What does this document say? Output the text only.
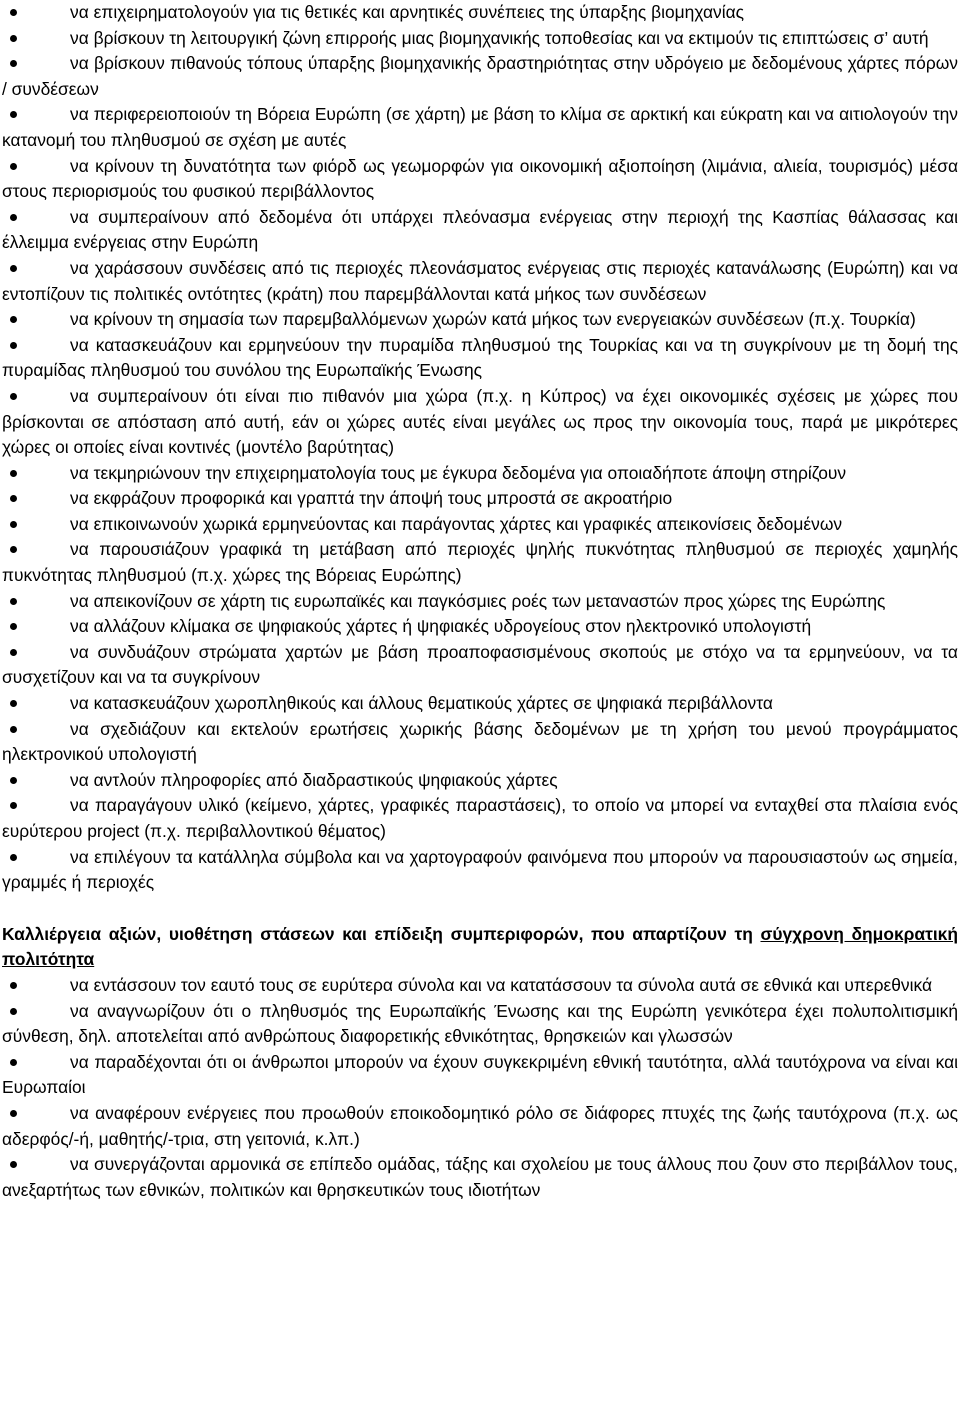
να επιχειρηματολογούν για τις θετικές και αρνητικές συνέπειες της ύπαρξης βιομηχανίας
να βρίσκουν τη λειτουργική ζώνη επιρροής μιας βιομηχανικής τοποθεσίας και να εκτιμούν τις επιπτώσεις σ’ αυτή
να βρίσκουν πιθανούς τόπους ύπαρξης βιομηχανικής δραστηριότητας στην υδρόγειο με δεδομένους χάρτες πόρων / συνδέσεων
να περιφερειοποιούν τη Βόρεια Ευρώπη (σε χάρτη) με βάση το κλίμα σε αρκτική και εύκρατη και να αιτιολογούν την κατανομή του πληθυσμού σε σχέση με αυτές
να κρίνουν τη δυνατότητα των φιόρδ ως γεωμορφών για οικονομική αξιοποίηση (λιμάνια, αλιεία, τουρισμός) μέσα στους περιορισμούς του φυσικού περιβάλλοντος
να συμπεραίνουν από δεδομένα ότι υπάρχει πλεόνασμα ενέργειας στην περιοχή της Κασπίας θάλασσας και έλλειμμα ενέργειας στην Ευρώπη
να χαράσσουν συνδέσεις από τις περιοχές πλεονάσματος ενέργειας στις περιοχές κατανάλωσης (Ευρώπη) και να εντοπίζουν τις πολιτικές οντότητες (κράτη) που παρεμβάλλονται κατά μήκος των συνδέσεων
να κρίνουν τη σημασία των παρεμβαλλόμενων χωρών κατά μήκος των ενεργειακών συνδέσεων (π.χ. Τουρκία)
να κατασκευάζουν και ερμηνεύουν την πυραμίδα πληθυσμού της Τουρκίας και να τη συγκρίνουν με τη δομή της πυραμίδας πληθυσμού του συνόλου της Ευρωπαϊκής Ένωσης
να συμπεραίνουν ότι είναι πιο πιθανόν μια χώρα (π.χ. η Κύπρος) να έχει οικονομικές σχέσεις με χώρες που βρίσκονται σε απόσταση από αυτή, εάν οι χώρες αυτές είναι μεγάλες ως προς την οικονομία τους, παρά με μικρότερες χώρες οι οποίες είναι κοντινές (μοντέλο βαρύτητας)
να τεκμηριώνουν την επιχειρηματολογία τους με έγκυρα δεδομένα για οποιαδήποτε άποψη στηρίζουν
να εκφράζουν προφορικά και γραπτά την άποψή τους μπροστά σε ακροατήριο
να επικοινωνούν χωρικά ερμηνεύοντας και παράγοντας χάρτες και γραφικές απεικονίσεις δεδομένων
να παρουσιάζουν γραφικά τη μετάβαση από περιοχές ψηλής πυκνότητας πληθυσμού σε περιοχές χαμηλής πυκνότητας πληθυσμού (π.χ. χώρες της Βόρειας Ευρώπης)
να απεικονίζουν σε χάρτη τις ευρωπαϊκές και παγκόσμιες ροές των μεταναστών προς χώρες της Ευρώπης
να αλλάζουν κλίμακα σε ψηφιακούς χάρτες ή ψηφιακές υδρογείους στον ηλεκτρονικό υπολογιστή
να συνδυάζουν στρώματα χαρτών με βάση προαποφασισμένους σκοπούς με στόχο να τα ερμηνεύουν, να τα συσχετίζουν και να τα συγκρίνουν
να κατασκευάζουν χωροπληθικούς και άλλους θεματικούς χάρτες σε ψηφιακά περιβάλλοντα
να σχεδιάζουν και εκτελούν ερωτήσεις χωρικής βάσης δεδομένων με τη χρήση του μενού προγράμματος ηλεκτρονικού υπολογιστή
να αντλούν πληροφορίες από διαδραστικούς ψηφιακούς χάρτες
να παραγάγουν υλικό (κείμενο, χάρτες, γραφικές παραστάσεις), το οποίο να μπορεί να ενταχθεί στα πλαίσια ενός ευρύτερου project (π.χ. περιβαλλοντικού θέματος)
να επιλέγουν τα κατάλληλα σύμβολα και να χαρτογραφούν φαινόμενα που μπορούν να παρουσιαστούν ως σημεία, γραμμές ή περιοχές
Καλλιέργεια αξιών, υιοθέτηση στάσεων και επίδειξη συμπεριφορών, που απαρτίζουν τη σύγχρονη δημοκρατική πολιτότητα
να εντάσσουν τον εαυτό τους σε ευρύτερα σύνολα και να κατατάσσουν τα σύνολα αυτά σε εθνικά και υπερεθνικά
να αναγνωρίζουν ότι ο πληθυσμός της Ευρωπαϊκής Ένωσης και της Ευρώπη γενικότερα έχει πολυπολιτισμική σύνθεση, δηλ. αποτελείται από ανθρώπους διαφορετικής εθνικότητας, θρησκειών και γλωσσών
να παραδέχονται ότι οι άνθρωποι μπορούν να έχουν συγκεκριμένη εθνική ταυτότητα, αλλά ταυτόχρονα να είναι και Ευρωπαίοι
να αναφέρουν ενέργειες που προωθούν εποικοδομητικό ρόλο σε διάφορες πτυχές της ζωής ταυτόχρονα (π.χ. ως αδερφός/-ή, μαθητής/-τρια, στη γειτονιά, κ.λπ.)
να συνεργάζονται αρμονικά σε επίπεδο ομάδας, τάξης και σχολείου με τους άλλους που ζουν στο περιβάλλον τους, ανεξαρτήτως των εθνικών, πολιτικών και θρησκευτικών τους ιδιοτήτων
